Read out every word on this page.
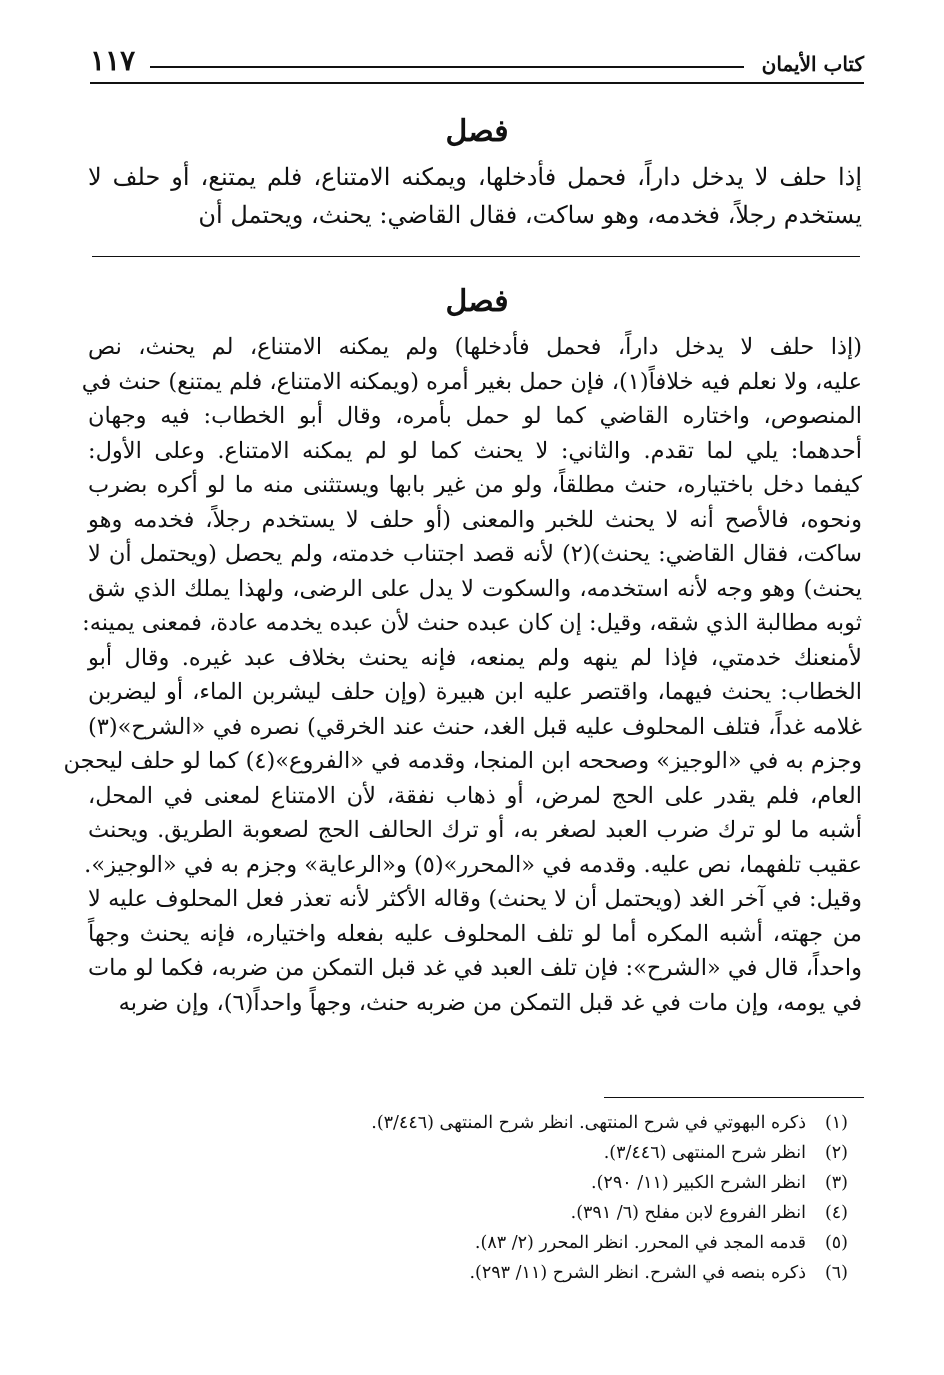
كتاب الأيمان
١١٧
فصل
إذا حلف لا يدخل داراً، فحمل فأدخلها، ويمكنه الامتناع، فلم يمتنع، أو حلف لا يستخدم رجلاً، فخدمه، وهو ساكت، فقال القاضي: يحنث، ويحتمل أن
فصل
(إذا حلف لا يدخل داراً، فحمل فأدخلها) ولم يمكنه الامتناع، لم يحنث، نص
عليه، ولا نعلم فيه خلافاً(١)، فإن حمل بغير أمره (ويمكنه الامتناع، فلم يمتنع) حنث في
المنصوص، واختاره القاضي كما لو حمل بأمره، وقال أبو الخطاب: فيه وجهان
أحدهما: يلي لما تقدم. والثاني: لا يحنث كما لو لم يمكنه الامتناع. وعلى الأول:
كيفما دخل باختياره، حنث مطلقاً، ولو من غير بابها ويستثنى منه ما لو أكره بضرب
ونحوه، فالأصح أنه لا يحنث للخبر والمعنى (أو حلف لا يستخدم رجلاً، فخدمه وهو
ساكت، فقال القاضي: يحنث)(٢) لأنه قصد اجتناب خدمته، ولم يحصل (ويحتمل أن لا
يحنث) وهو وجه لأنه استخدمه، والسكوت لا يدل على الرضى، ولهذا يملك الذي شق
ثوبه مطالبة الذي شقه، وقيل: إن كان عبده حنث لأن عبده يخدمه عادة، فمعنى يمينه:
لأمنعنك خدمتي، فإذا لم ينهه ولم يمنعه، فإنه يحنث بخلاف عبد غيره. وقال أبو
الخطاب: يحنث فيهما، واقتصر عليه ابن هبيرة (وإن حلف ليشربن الماء، أو ليضربن
غلامه غداً، فتلف المحلوف عليه قبل الغد، حنث عند الخرقي) نصره في «الشرح»(٣)
وجزم به في «الوجيز» وصححه ابن المنجا، وقدمه في «الفروع»(٤) كما لو حلف ليحجن
العام، فلم يقدر على الحج لمرض، أو ذهاب نفقة، لأن الامتناع لمعنى في المحل،
أشبه ما لو ترك ضرب العبد لصغر به، أو ترك الحالف الحج لصعوبة الطريق. ويحنث
عقيب تلفهما، نص عليه. وقدمه في «المحرر»(٥) و«الرعاية» وجزم به في «الوجيز».
وقيل: في آخر الغد (ويحتمل أن لا يحنث) وقاله الأكثر لأنه تعذر فعل المحلوف عليه لا
من جهته، أشبه المكره أما لو تلف المحلوف عليه بفعله واختياره، فإنه يحنث وجهاً
واحداً، قال في «الشرح»: فإن تلف العبد في غد قبل التمكن من ضربه، فكما لو مات
في يومه، وإن مات في غد قبل التمكن من ضربه حنث، وجهاً واحداً(٦)، وإن ضربه
(١)
ذكره البهوتي في شرح المنتهى. انظر شرح المنتهى (٣/٤٤٦).
(٢)
انظر شرح المنتهى (٣/٤٤٦).
(٣)
انظر الشرح الكبير (١١/ ٢٩٠).
(٤)
انظر الفروع لابن مفلح (٦/ ٣٩١).
(٥)
قدمه المجد في المحرر. انظر المحرر (٢/ ٨٣).
(٦)
ذكره بنصه في الشرح. انظر الشرح (١١/ ٢٩٣).
